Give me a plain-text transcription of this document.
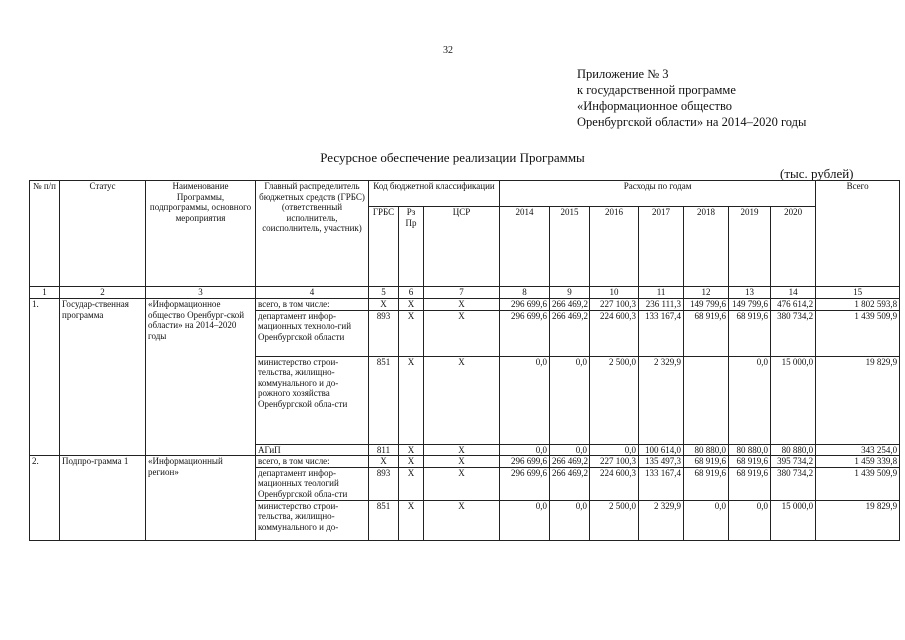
32
Приложение № 3
к государственной программе
«Информационное общество
Оренбургской области» на 2014–2020 годы
Ресурсное обеспечение реализации Программы
(тыс. рублей)
№ п/п	Статус	Наименование Программы, подпрограммы, основного мероприятия	Главный распределитель бюджетных средств (ГРБС) (ответственный исполнитель, соисполнитель, участник)	Код бюджетной классификации			Расходы по годам							Всего
				ГРБС	Рз Пр	ЦСР	2014	2015	2016	2017	2018	2019	2020	
1	2	3	4	5	6	7	8	9	10	11	12	13	14	15
1.	Государ-ственная программа	«Информационное общество Оренбург-ской области» на 2014–2020 годы	всего, в том числе:	Х	Х	Х	296 699,6	266 469,2	227 100,3	236 111,3	149 799,6	149 799,6	476 614,2	1 802 593,8
			департамент инфор-мационных техноло-гий Оренбургской области	893	Х	Х	296 699,6	266 469,2	224 600,3	133 167,4	68 919,6	68 919,6	380 734,2	1 439 509,9
			министерство строи-тельства, жилищно-коммунального и до-рожного хозяйства Оренбургской обла-сти	851	Х	Х	0,0	0,0	2 500,0	2 329,9		0,0	15 000,0	19 829,9
			АГиП	811	Х	Х	0,0	0,0	0,0	100 614,0	80 880,0	80 880,0	80 880,0	343 254,0
2.	Подпро-грамма 1	«Информационный регион»	всего, в том числе:	Х	Х	Х	296 699,6	266 469,2	227 100,3	135 497,3	68 919,6	68 919,6	395 734,2	1 459 339,8
			департамент инфор-мационных теологий Оренбургской обла-сти	893	Х	Х	296 699,6	266 469,2	224 600,3	133 167,4	68 919,6	68 919,6	380 734,2	1 439 509,9
			министерство строи-тельства, жилищно-коммунального и до-	851	Х	Х	0,0	0,0	2 500,0	2 329,9	0,0	0,0	15 000,0	19 829,9
